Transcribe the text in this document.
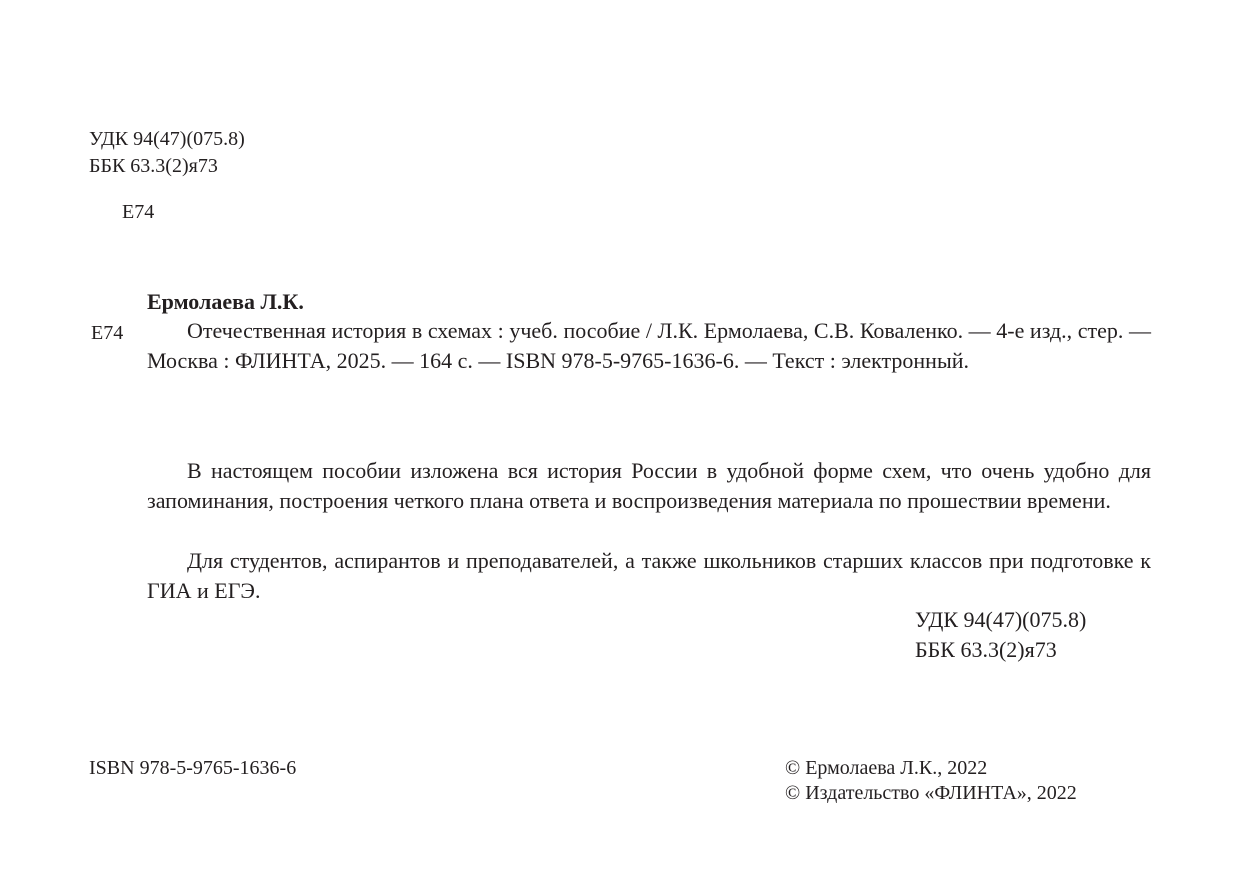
УДК 94(47)(075.8)
ББК 63.3(2)я73
Е74
Ермолаева Л.К.
Е74	Отечественная история в схемах : учеб. пособие / Л.К. Ермолаева, С.В. Коваленко. — 4-е изд., стер. — Москва : ФЛИНТА, 2025. — 164 с. — ISBN 978-5-9765-1636-6. — Текст : электронный.
В настоящем пособии изложена вся история России в удобной форме схем, что очень удобно для запоминания, построения четкого плана ответа и воспроизведения материала по прошествии времени.
Для студентов, аспирантов и преподавателей, а также школьников старших классов при подготовке к ГИА и ЕГЭ.
УДК 94(47)(075.8)
ББК 63.3(2)я73
ISBN 978-5-9765-1636-6	© Ермолаева Л.К., 2022
© Издательство «ФЛИНТА», 2022
